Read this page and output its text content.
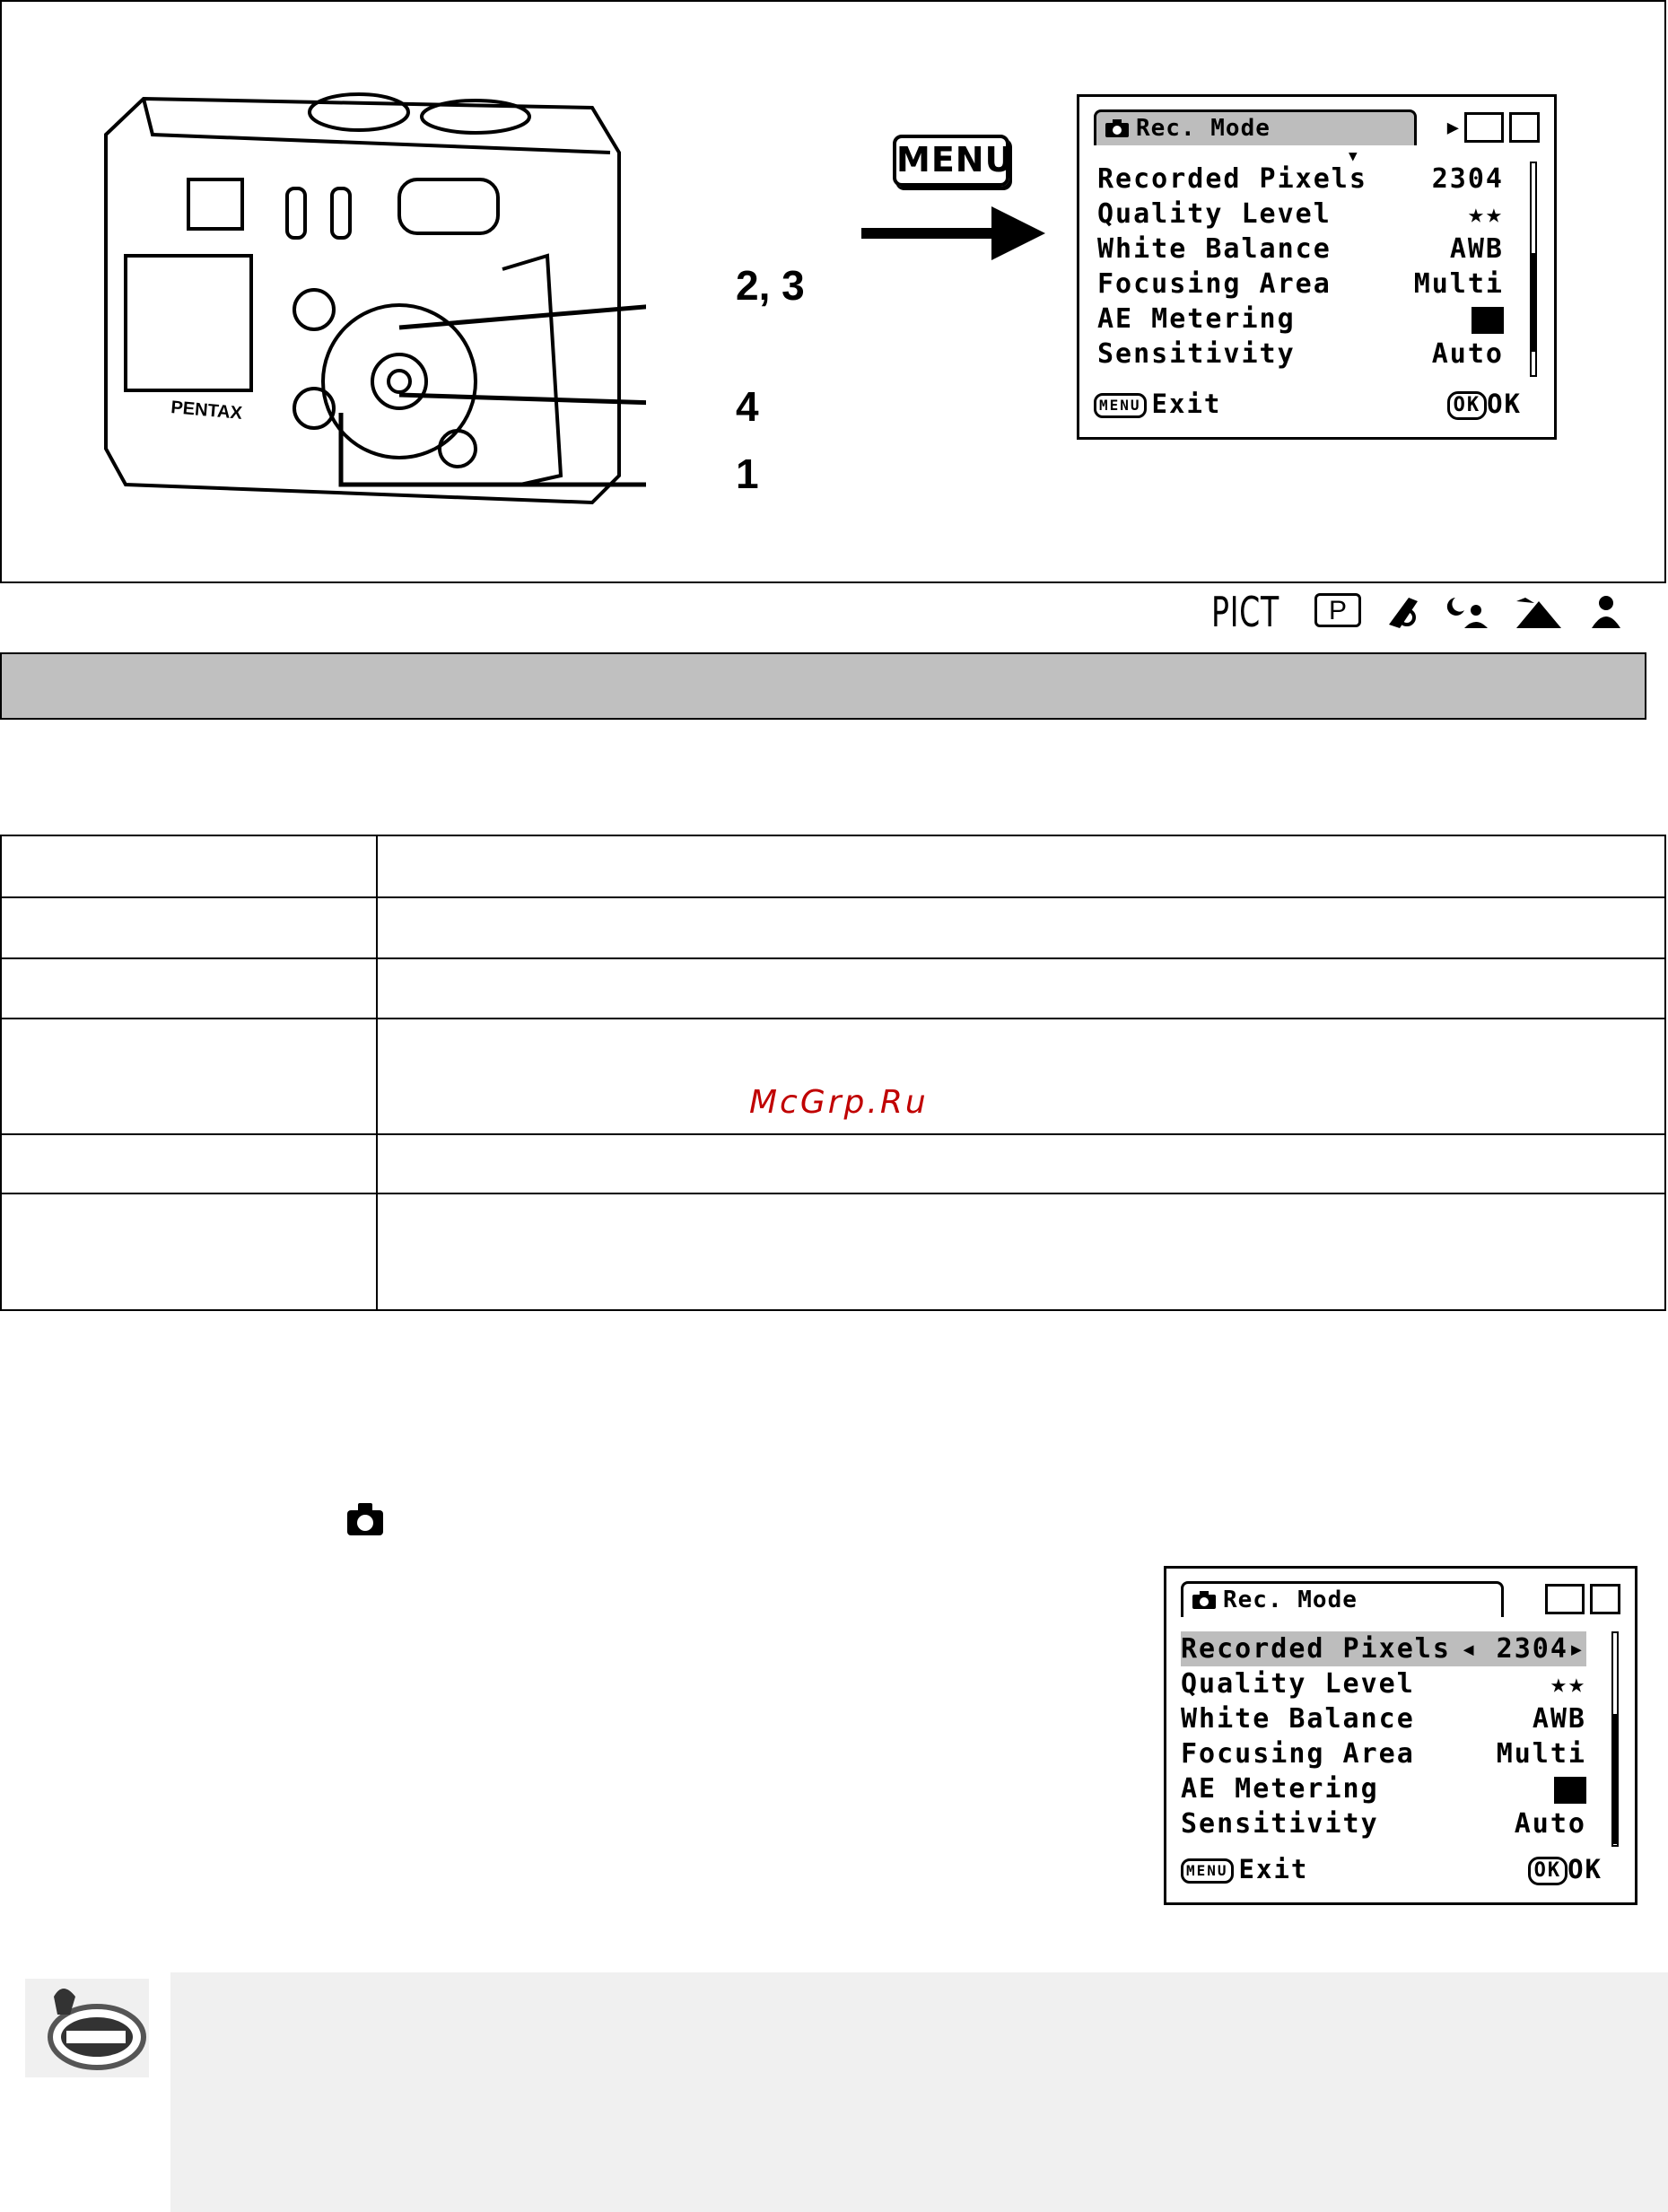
PENTAX
2, 3
4
1
MENU
Rec. Mode	▶
▼
Recorded Pixels 2304
Quality Level	★★
White Balance	AWB
Focusing Area	Multi
AE Metering
Sensitivity	Auto
MENU Exit	OK OK
PICT	P

McGrp.Ru
Rec. Mode
Recorded Pixels ◂ 2304▸
Quality Level	★★
White Balance	AWB
Focusing Area	Multi
AE Metering
Sensitivity	Auto
MENU Exit	OK OK
